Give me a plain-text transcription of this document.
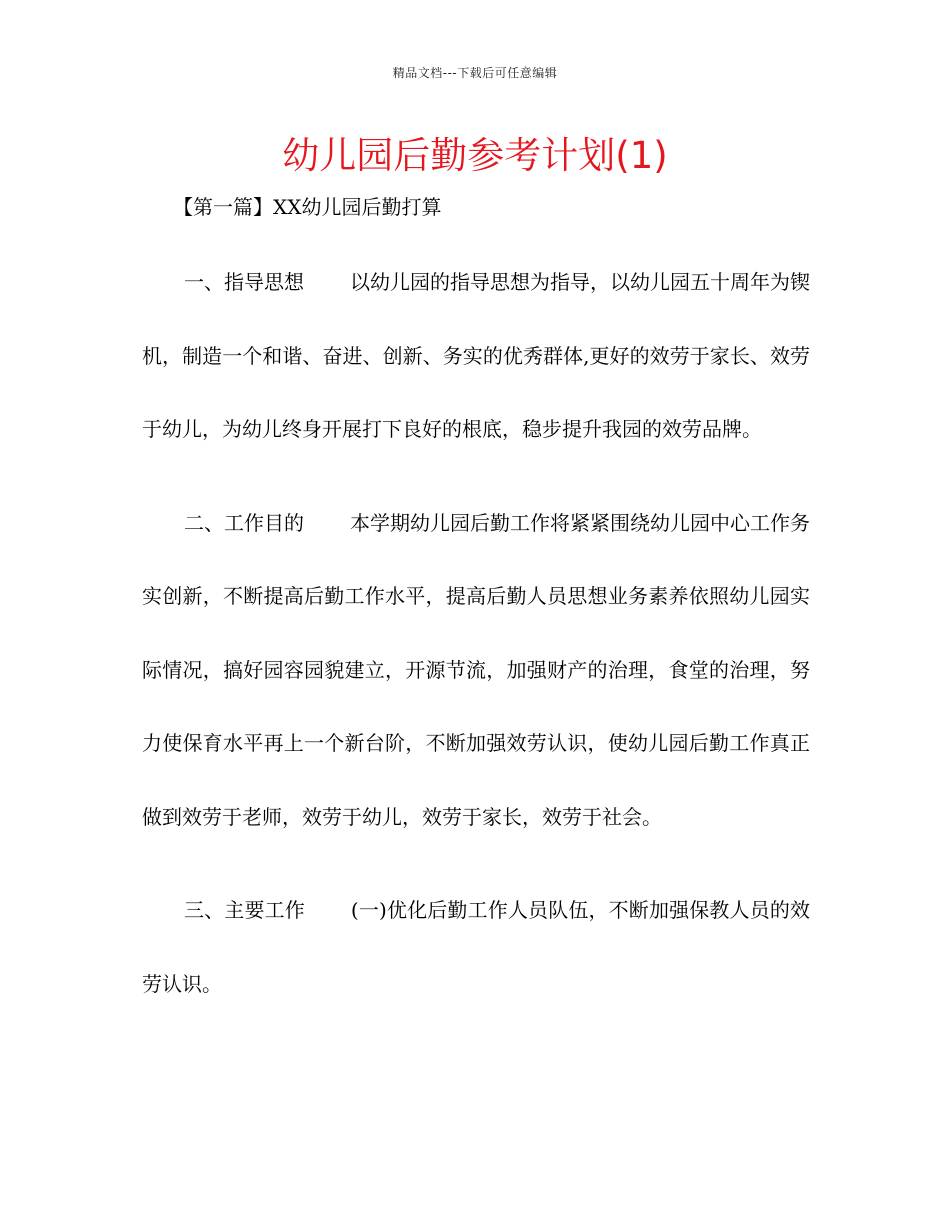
精品文档---下载后可任意编辑
幼儿园后勤参考计划(1)

【第一篇】XX幼儿园后勤打算

一、指导思想 以幼儿园的指导思想为指导，以幼儿园五十周年为锲机，制造一个和谐、奋进、创新、务实的优秀群体,更好的效劳于家长、效劳于幼儿，为幼儿终身开展打下良好的根底，稳步提升我园的效劳品牌。

二、工作目的 本学期幼儿园后勤工作将紧紧围绕幼儿园中心工作务实创新，不断提高后勤工作水平，提高后勤人员思想业务素养依照幼儿园实际情况，搞好园容园貌建立，开源节流，加强财产的治理，食堂的治理，努力使保育水平再上一个新台阶，不断加强效劳认识，使幼儿园后勤工作真正做到效劳于老师，效劳于幼儿，效劳于家长，效劳于社会。

三、主要工作 (一)优化后勤工作人员队伍，不断加强保教人员的效劳认识。
